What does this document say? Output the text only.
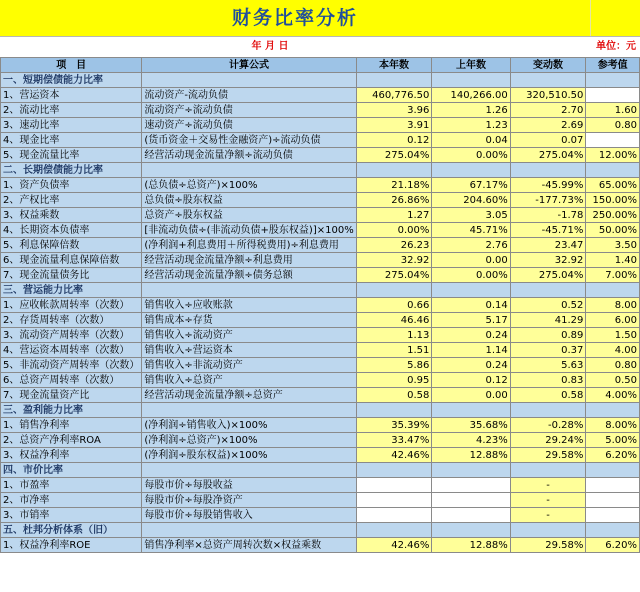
财务比率分析
年 月 日	单位：元
项　目	计算公式	本年数	上年数	变动数	参考值
一、短期偿债能力比率					
1、营运资本	流动资产-流动负债	460,776.50	140,266.00	320,510.50	
2、流动比率	流动资产÷流动负债	3.96	1.26	2.70	1.60
3、速动比率	速动资产÷流动负债	3.91	1.23	2.69	0.80
4、现金比率	(货币资金＋交易性金融资产)÷流动负债	0.12	0.04	0.07	
5、现金流量比率	经营活动现金流量净额÷流动负债	275.04%	0.00%	275.04%	12.00%
二、长期偿债能力比率					
1、资产负债率	(总负债÷总资产)×100%	21.18%	67.17%	-45.99%	65.00%
2、产权比率	总负债÷股东权益	26.86%	204.60%	-177.73%	150.00%
3、权益乘数	总资产÷股东权益	1.27	3.05	-1.78	250.00%
4、长期资本负债率	[非流动负债÷(非流动负债+股东权益)]×100%	0.00%	45.71%	-45.71%	50.00%
5、利息保障倍数	(净利润+利息费用＋所得税费用)÷利息费用	26.23	2.76	23.47	3.50
6、现金流量利息保障倍数	经营活动现金流量净额÷利息费用	32.92	0.00	32.92	1.40
7、现金流量债务比	经营活动现金流量净额÷债务总额	275.04%	0.00%	275.04%	7.00%
三、营运能力比率					
1、应收帐款周转率（次数）	销售收入÷应收账款	0.66	0.14	0.52	8.00
2、存货周转率（次数）	销售成本÷存货	46.46	5.17	41.29	6.00
3、流动资产周转率（次数）	销售收入÷流动资产	1.13	0.24	0.89	1.50
4、营运资本周转率（次数）	销售收入÷营运资本	1.51	1.14	0.37	4.00
5、非流动资产周转率（次数）	销售收入÷非流动资产	5.86	0.24	5.63	0.80
6、总资产周转率（次数）	销售收入÷总资产	0.95	0.12	0.83	0.50
7、现金流量资产比	经营活动现金流量净额÷总资产	0.58	0.00	0.58	4.00%
三、盈利能力比率					
1、销售净利率	(净利润÷销售收入)×100%	35.39%	35.68%	-0.28%	8.00%
2、总资产净利率ROA	(净利润÷总资产)×100%	33.47%	4.23%	29.24%	5.00%
3、权益净利率	(净利润÷股东权益)×100%	42.46%	12.88%	29.58%	6.20%
四、市价比率					
1、市盈率	每股市价÷每股收益			-	
2、市净率	每股市价÷每股净资产			-	
3、市销率	每股市价÷每股销售收入			-	
五、杜邦分析体系（旧）					
1、权益净利率ROE	销售净利率×总资产周转次数×权益乘数	42.46%	12.88%	29.58%	6.20%
